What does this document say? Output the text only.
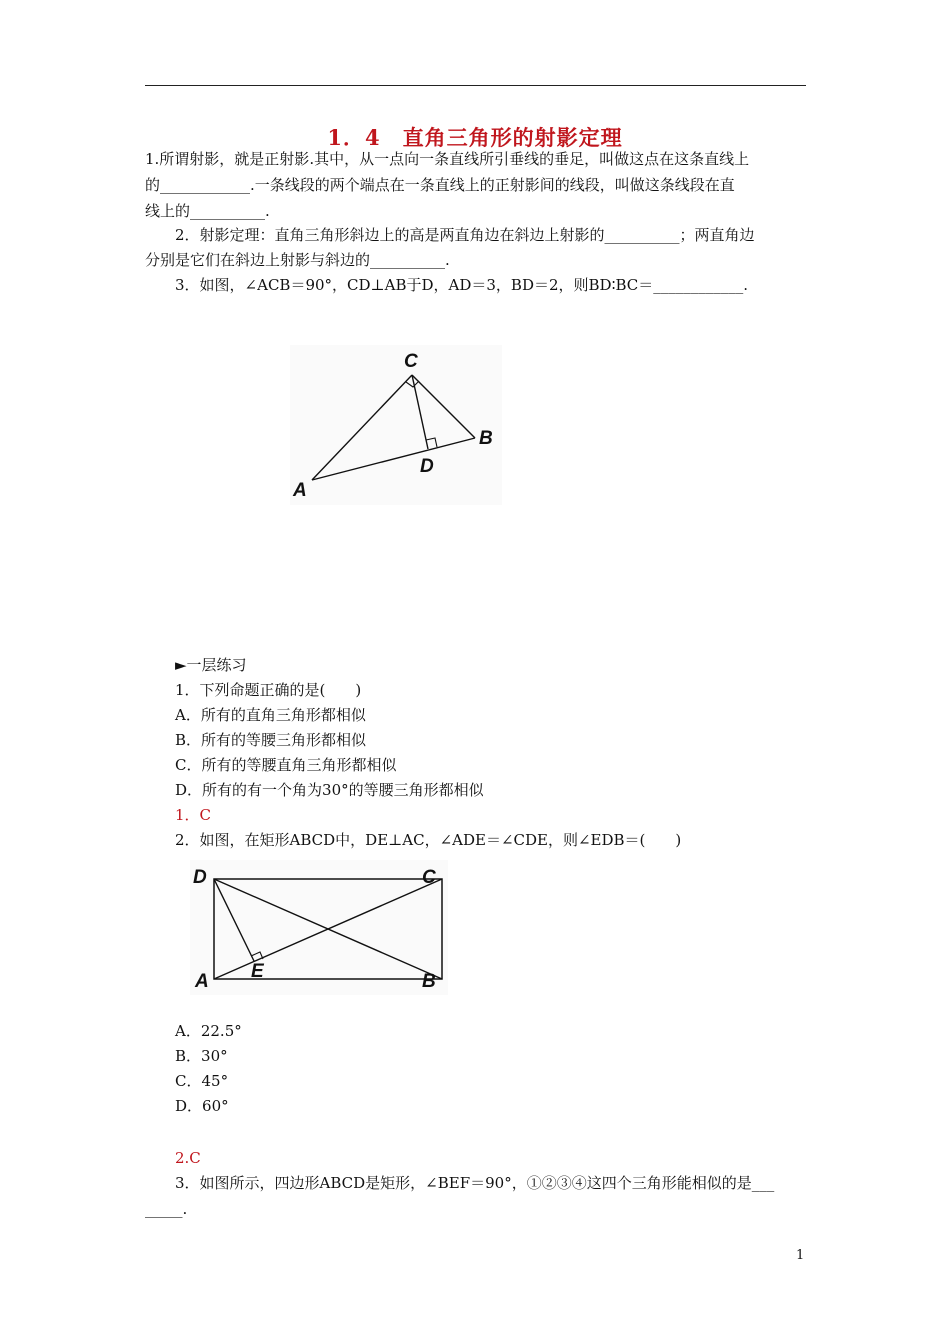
1．4　直角三角形的射影定理
1.所谓射影，就是正射影.其中，从一点向一条直线所引垂线的垂足，叫做这点在这条直线上
的____________.一条线段的两个端点在一条直线上的正射影间的线段，叫做这条线段在直
线上的__________.
2．射影定理：直角三角形斜边上的高是两直角边在斜边上射影的__________；两直角边
分别是它们在斜边上射影与斜边的__________.
3．如图，∠ACB＝90°，CD⊥AB于D，AD＝3，BD＝2，则BD∶BC＝____________.
C
B
D
A
►一层练习
1．下列命题正确的是(　　)
A．所有的直角三角形都相似
B．所有的等腰三角形都相似
C．所有的等腰直角三角形都相似
D．所有的有一个角为30°的等腰三角形都相似
1．C
2．如图，在矩形ABCD中，DE⊥AC，∠ADE＝∠CDE，则∠EDB＝(　　)
D	C
E
A	B
A．22.5°
B．30°
C．45°
D．60°
2.C
3．如图所示，四边形ABCD是矩形，∠BEF＝90°，①②③④这四个三角形能相似的是___
_____.
1
